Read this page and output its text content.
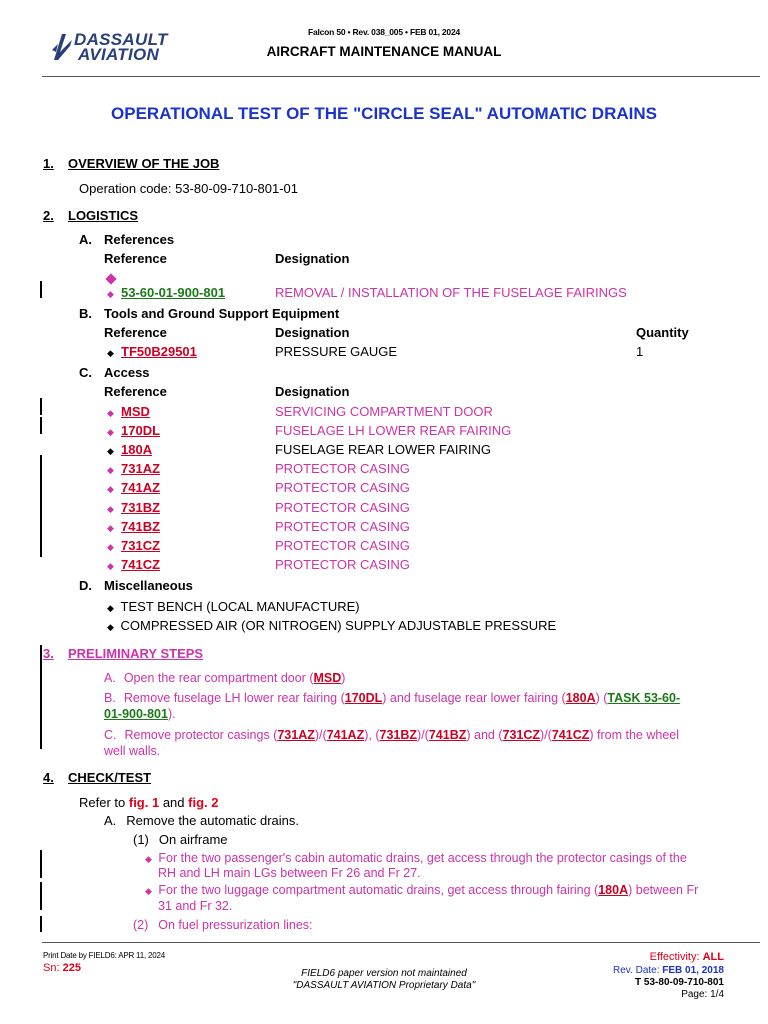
DASSAULT
AVIATION
Falcon 50 • Rev. 038_005 • FEB 01, 2024
AIRCRAFT MAINTENANCE MANUAL
OPERATIONAL TEST OF THE "CIRCLE SEAL" AUTOMATIC DRAINS
1. OVERVIEW OF THE JOB
Operation code: 53-80-09-710-801-01
2. LOGISTICS
A. References
Reference	Designation
◆ 53-60-01-900-801	REMOVAL / INSTALLATION OF THE FUSELAGE FAIRINGS
B. Tools and Ground Support Equipment
Reference	Designation	Quantity
◆ TF50B29501	PRESSURE GAUGE	1
C. Access
Reference	Designation
◆ MSD	SERVICING COMPARTMENT DOOR
◆ 170DL	FUSELAGE LH LOWER REAR FAIRING
◆ 180A	FUSELAGE REAR LOWER FAIRING
◆ 731AZ	PROTECTOR CASING
◆ 741AZ	PROTECTOR CASING
◆ 731BZ	PROTECTOR CASING
◆ 741BZ	PROTECTOR CASING
◆ 731CZ	PROTECTOR CASING
◆ 741CZ	PROTECTOR CASING
D. Miscellaneous
◆ TEST BENCH (LOCAL MANUFACTURE)
◆ COMPRESSED AIR (OR NITROGEN) SUPPLY ADJUSTABLE PRESSURE
3. PRELIMINARY STEPS
A. Open the rear compartment door (MSD)
B. Remove fuselage LH lower rear fairing (170DL) and fuselage rear lower fairing (180A) (TASK 53-60-
01-900-801).
C. Remove protector casings (731AZ)/(741AZ), (731BZ)/(741BZ) and (731CZ)/(741CZ) from the wheel
well walls.
4. CHECK/TEST
Refer to fig. 1 and fig. 2
A. Remove the automatic drains.
(1) On airframe
◆ For the two passenger's cabin automatic drains, get access through the protector casings of the
RH and LH main LGs between Fr 26 and Fr 27.
◆ For the two luggage compartment automatic drains, get access through fairing (180A) between Fr
31 and Fr 32.
(2) On fuel pressurization lines:
Print Date by FIELD6: APR 11, 2024
Sn: 225	FIELD6 paper version not maintained
"DASSAULT AVIATION Proprietary Data"
Effectivity: ALL
Rev. Date: FEB 01, 2018
T 53-80-09-710-801
Page: 1/4
